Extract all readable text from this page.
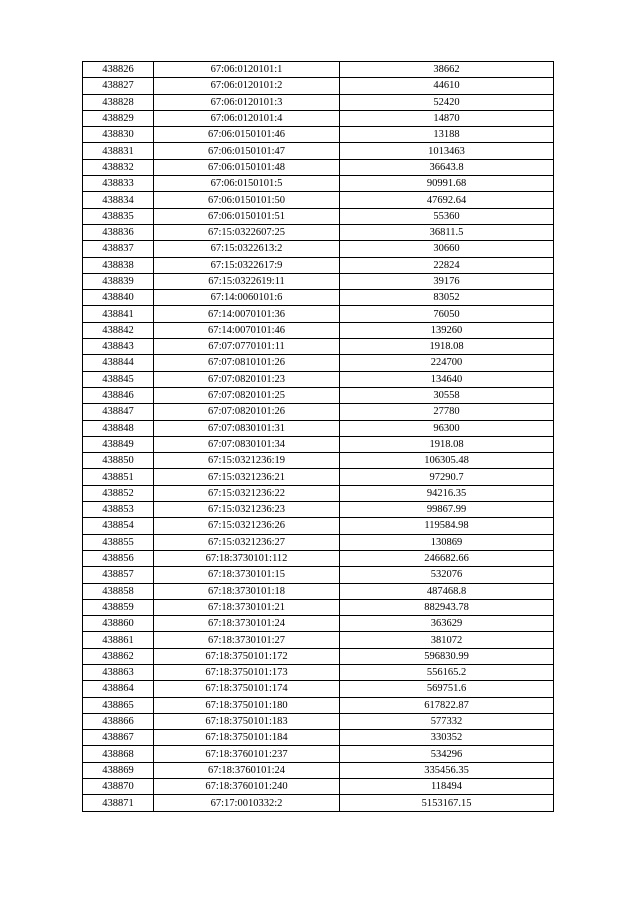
438826	67:06:0120101:1	38662
438827	67:06:0120101:2	44610
438828	67:06:0120101:3	52420
438829	67:06:0120101:4	14870
438830	67:06:0150101:46	13188
438831	67:06:0150101:47	1013463
438832	67:06:0150101:48	36643.8
438833	67:06:0150101:5	90991.68
438834	67:06:0150101:50	47692.64
438835	67:06:0150101:51	55360
438836	67:15:0322607:25	36811.5
438837	67:15:0322613:2	30660
438838	67:15:0322617:9	22824
438839	67:15:0322619:11	39176
438840	67:14:0060101:6	83052
438841	67:14:0070101:36	76050
438842	67:14:0070101:46	139260
438843	67:07:0770101:11	1918.08
438844	67:07:0810101:26	224700
438845	67:07:0820101:23	134640
438846	67:07:0820101:25	30558
438847	67:07:0820101:26	27780
438848	67:07:0830101:31	96300
438849	67:07:0830101:34	1918.08
438850	67:15:0321236:19	106305.48
438851	67:15:0321236:21	97290.7
438852	67:15:0321236:22	94216.35
438853	67:15:0321236:23	99867.99
438854	67:15:0321236:26	119584.98
438855	67:15:0321236:27	130869
438856	67:18:3730101:112	246682.66
438857	67:18:3730101:15	532076
438858	67:18:3730101:18	487468.8
438859	67:18:3730101:21	882943.78
438860	67:18:3730101:24	363629
438861	67:18:3730101:27	381072
438862	67:18:3750101:172	596830.99
438863	67:18:3750101:173	556165.2
438864	67:18:3750101:174	569751.6
438865	67:18:3750101:180	617822.87
438866	67:18:3750101:183	577332
438867	67:18:3750101:184	330352
438868	67:18:3760101:237	534296
438869	67:18:3760101:24	335456.35
438870	67:18:3760101:240	118494
438871	67:17:0010332:2	5153167.15
